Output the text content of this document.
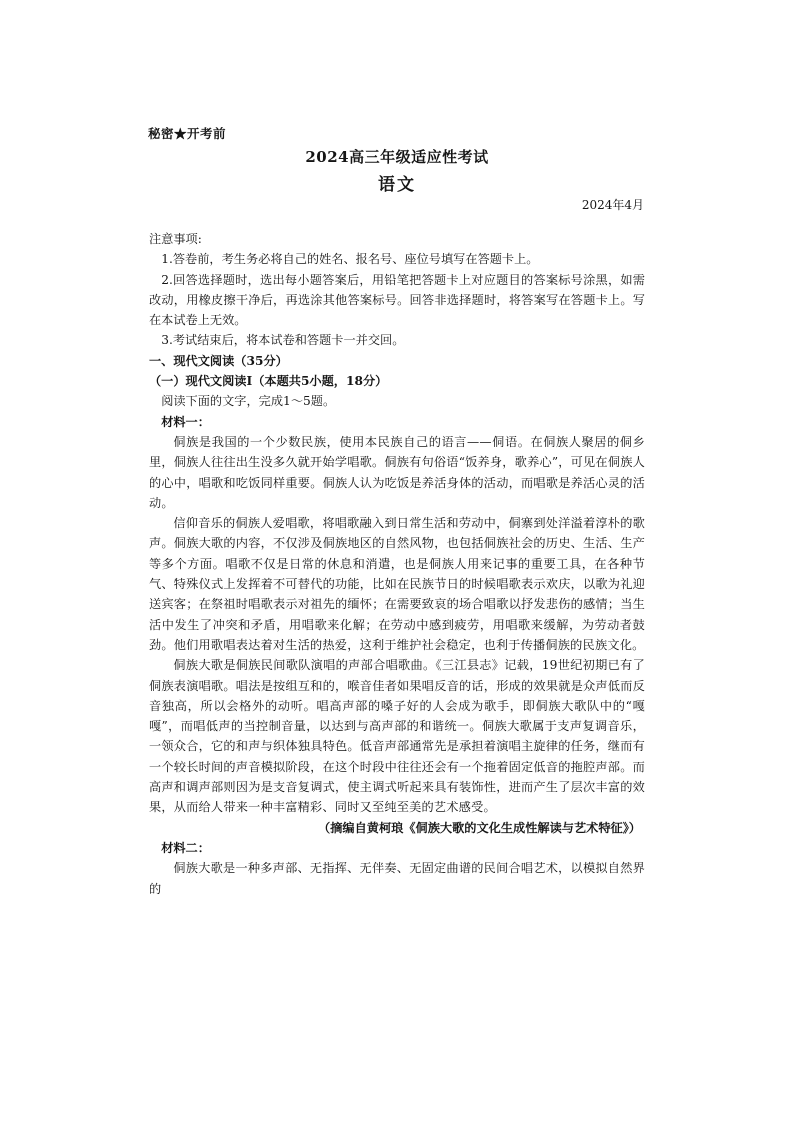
秘密★开考前
2024高三年级适应性考试
语文
2024年4月

注意事项:

1.答卷前，考生务必将自己的姓名、报名号、座位号填写在答题卡上。

2.回答选择题时，选出每小题答案后，用铅笔把答题卡上对应题目的答案标号涂黑，如需改动，用橡皮擦干净后，再选涂其他答案标号。回答非选择题时，将答案写在答题卡上。写在本试卷上无效。

3.考试结束后，将本试卷和答题卡一并交回。

一、现代文阅读（35分）

（一）现代文阅读Ⅰ（本题共5小题，18分）

阅读下面的文字，完成1～5题。

材料一：

侗族是我国的一个少数民族，使用本民族自己的语言——侗语。在侗族人聚居的侗乡里，侗族人往往出生没多久就开始学唱歌。侗族有句俗语“饭养身，歌养心”，可见在侗族人的心中，唱歌和吃饭同样重要。侗族人认为吃饭是养活身体的活动，而唱歌是养活心灵的活动。

信仰音乐的侗族人爱唱歌，将唱歌融入到日常生活和劳动中，侗寨到处洋溢着淳朴的歌声。侗族大歌的内容，不仅涉及侗族地区的自然风物，也包括侗族社会的历史、生活、生产等多个方面。唱歌不仅是日常的休息和消遣，也是侗族人用来记事的重要工具，在各种节气、特殊仪式上发挥着不可替代的功能，比如在民族节日的时候唱歌表示欢庆，以歌为礼迎送宾客；在祭祖时唱歌表示对祖先的缅怀；在需要致哀的场合唱歌以抒发悲伤的感情；当生活中发生了冲突和矛盾，用唱歌来化解；在劳动中感到疲劳，用唱歌来缓解，为劳动者鼓劲。他们用歌唱表达着对生活的热爱，这利于维护社会稳定，也利于传播侗族的民族文化。

侗族大歌是侗族民间歌队演唱的声部合唱歌曲。《三江县志》记载，19世纪初期已有了侗族表演唱歌。唱法是按组互和的，喉音佳者如果唱反音的话，形成的效果就是众声低而反音独高，所以会格外的动听。唱高声部的嗓子好的人会成为歌手，即侗族大歌队中的“嘎嘎”，而唱低声的当控制音量，以达到与高声部的和谐统一。侗族大歌属于支声复调音乐，一领众合，它的和声与织体独具特色。低音声部通常先是承担着演唱主旋律的任务，继而有一个较长时间的声音模拟阶段，在这个时段中往往还会有一个拖着固定低音的拖腔声部。而高声和调声部则因为是支音复调式，使主调式听起来具有装饰性，进而产生了层次丰富的效果，从而给人带来一种丰富精彩、同时又至纯至美的艺术感受。

（摘编自黄柯琅《侗族大歌的文化生成性解读与艺术特征》）

材料二：

侗族大歌是一种多声部、无指挥、无伴奏、无固定曲谱的民间合唱艺术，以模拟自然界的
